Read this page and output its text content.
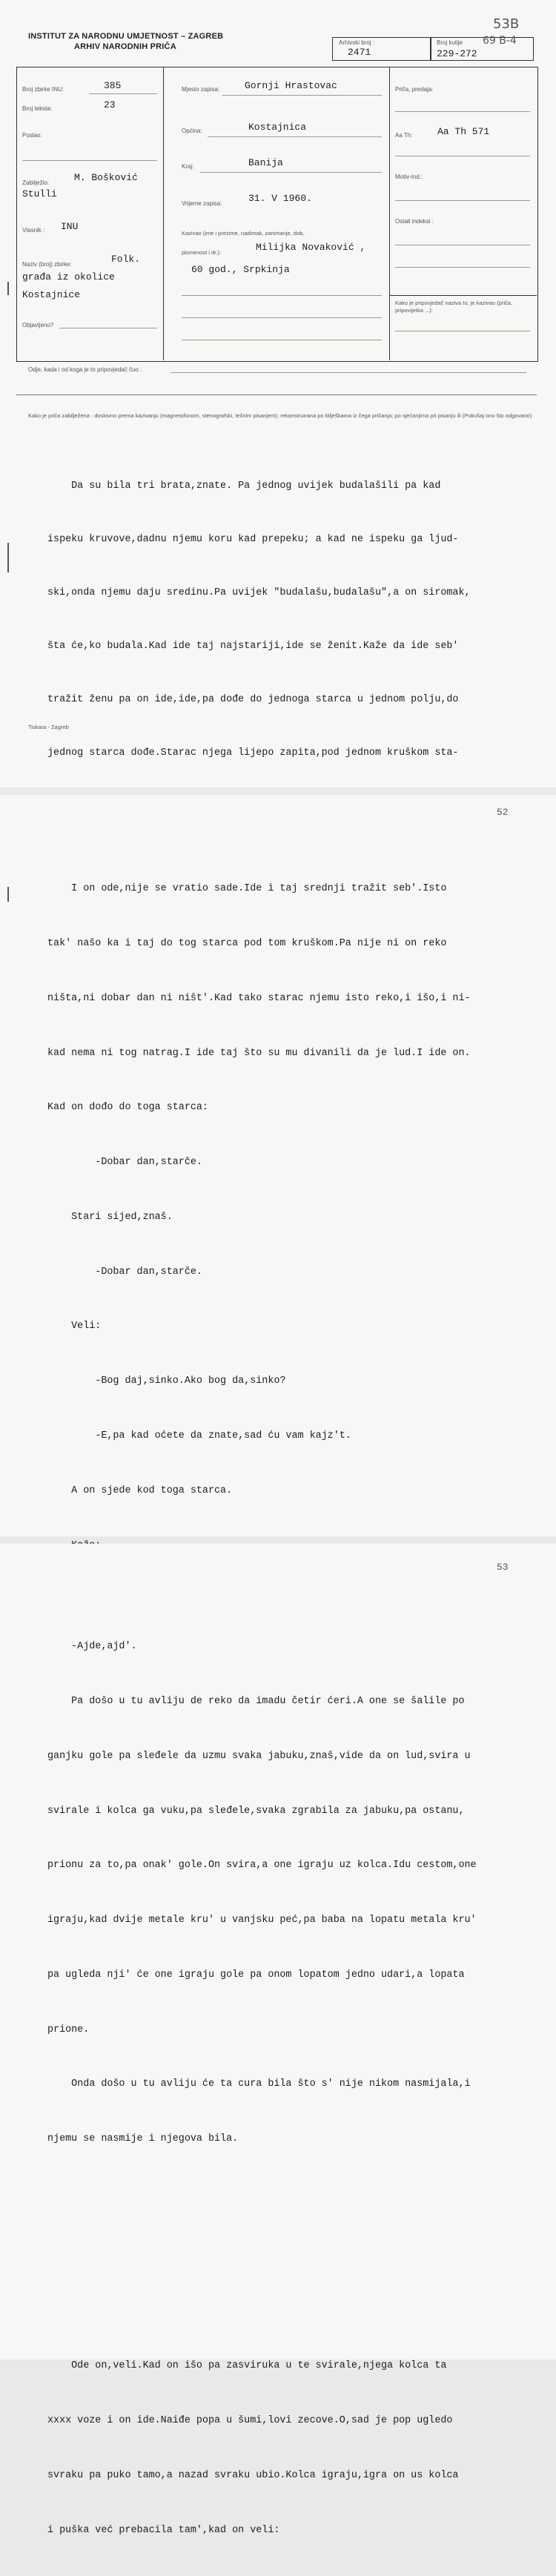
53B
INSTITUT ZA NARODNU UMJETNOST – ZAGREB
ARHIV NARODNIH PRIČA	Arhivski broj :
2471
Broj kutije 69 B-4
229-272
Broj zbirke INU:	385
Broj teksta:	23
Poslao:
Zabilježio:	M. Bošković
Stulli
Vlasnik : INU
Naziv (broj) zbirke:	Folk.
građa iz okolice
Kostajnice
Objavljeno?
Mjesto zapisa:	Gornji Hrastovac
Općina:	Kostajnica
Kraj:	Banija
Vrijeme zapisa:	31. V 1960.
Kazivao (ime i prezime, nadimak, zanimanje, dob,
pismenost i dr.):	Milijka Novaković ,
60 god., Srpkinja
Priča, predaja:
Aa Th:	Aa Th 571
Motiv-Ind.:
Ostali indeksi :
Kako je pripovjedač naziva tu; je kazivao (priča, pripovijetka ...):
Odje, kada i od koga je to pripovjedač čuo :
Kako je priča zabilježena : doslovno prema kazivanju (magnetofonom, stenografski, tečnim pisanjem); rekonstruirana po bilješkama iz čega pričanja; po sjećanjima pri pisanju ili (Pokušaj ono što odgovara!)

Da su bila tri brata,znate. Pa jednog uvijek budalašili pa kad

ispeku kruvove,dadnu njemu koru kad prepeku; a kad ne ispeku ga ljud-

ski,onda njemu daju sredinu.Pa uvijek "budalašu,budalašu",a on siromak,

šta će,ko budala.Kad ide taj najstariji,ide se ženit.Kaže da ide seb'

tražit ženu pa on ide,ide,pa dođe do jednoga starca u jednom polju,do

jednog starca dođe.Starac njega lijepo zapita,pod jednom kruškom sta-

Tiskara - Zagreb
52

I on ode,nije se vratio sade.Ide i taj srednji tražit seb'.Isto

tak' našo ka i taj do tog starca pod tom kruškom.Pa nije ni on reko

ništa,ni dobar dan ni ništ'.Kad tako starac njemu isto reko,i išo,i ni-

kad nema ni tog natrag.I ide taj što su mu divanili da je lud.I ide on.

Kad on dođo do toga starca:

-Dobar dan,starče.

Stari sijed,znaš.

-Dobar dan,starče.

Veli:

-Bog daj,sinko.Ako bog da,sinko?

-E,pa kad oćete da znate,sad ću vam kajz't.

A on sjede kod toga starca.

Ode on,veli.Kad on išo pa zasviruka u te svirale,njega kolca ta

xxxx voze i on ide.Naiđe popa u šumi,lovi zecove.O,sad je pop ugledo

svraku pa puko tamo,a nazad svraku ubio.Kolca igraju,igra on us kolca

i puška već prebacila tam',kad on veli:

53

-Ajde,ajd'.

Pa došo u tu avliju de reko da imadu četir ćeri.A one se šalile po

ganjku gole pa sleđele da uzmu svaka jabuku,znaš,vide da on lud,svira u

svirale i kolca ga vuku,pa sleđele,svaka zgrabila za jabuku,pa ostanu,

prionu za to,pa onak' gole.On svira,a one igraju uz kolca.Idu cestom,one

igraju,kad dvije metale kru' u vanjsku peć,pa baba na lopatu metala kru'

pa ugleda nji' će one igraju gole pa onom lopatom jedno udari,a lopata

prione.

Onda došo u tu avliju će ta cura bila što s' nije nikom nasmijala,i

njemu se nasmije i njegova bila.
